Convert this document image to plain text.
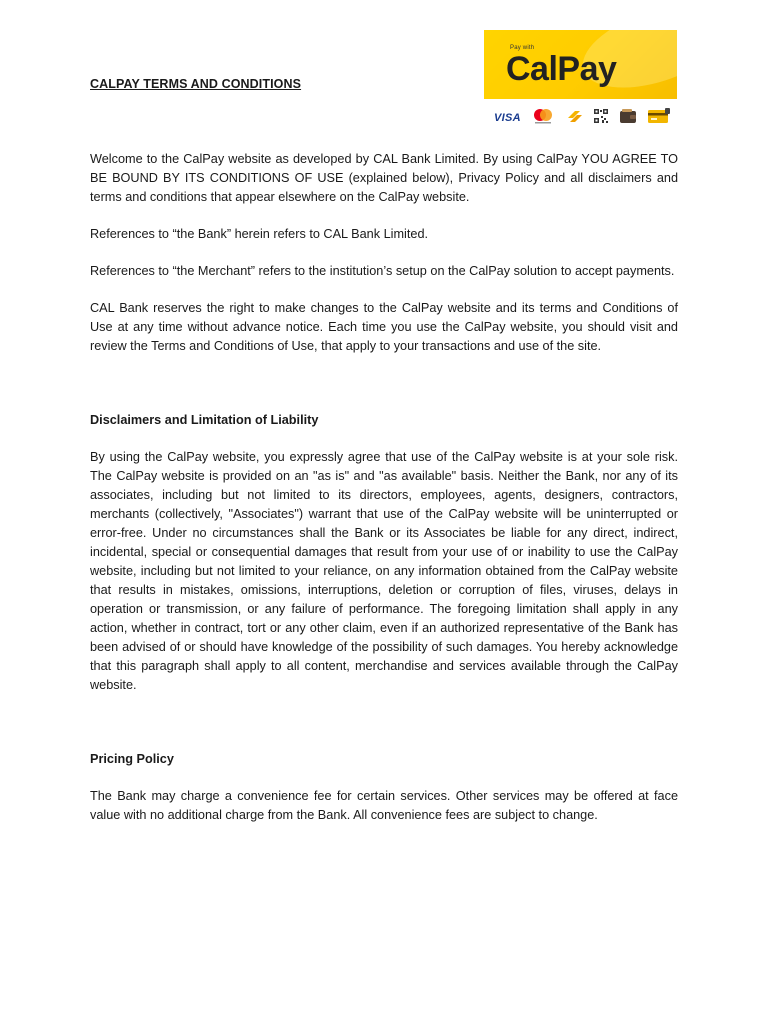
CALPAY TERMS AND CONDITIONS
Pay with
CalPay
VISA

Welcome to the CalPay website as developed by CAL Bank Limited. By using CalPay YOU AGREE TO BE BOUND BY ITS CONDITIONS OF USE (explained below), Privacy Policy and all disclaimers and terms and conditions that appear elsewhere on the CalPay website.

References to “the Bank” herein refers to CAL Bank Limited.

References to “the Merchant” refers to the institution’s setup on the CalPay solution to accept payments.

CAL Bank reserves the right to make changes to the CalPay website and its terms and Conditions of Use at any time without advance notice. Each time you use the CalPay website, you should visit and review the Terms and Conditions of Use, that apply to your transactions and use of the site.

Disclaimers and Limitation of Liability

By using the CalPay website, you expressly agree that use of the CalPay website is at your sole risk. The CalPay website is provided on an "as is" and "as available" basis. Neither the Bank, nor any of its associates, including but not limited to its directors, employees, agents, designers, contractors, merchants (collectively, "Associates") warrant that use of the CalPay website will be uninterrupted or error-free. Under no circumstances shall the Bank or its Associates be liable for any direct, indirect, incidental, special or consequential damages that result from your use of or inability to use the CalPay website, including but not limited to your reliance, on any information obtained from the CalPay website that results in mistakes, omissions, interruptions, deletion or corruption of files, viruses, delays in operation or transmission, or any failure of performance. The foregoing limitation shall apply in any action, whether in contract, tort or any other claim, even if an authorized representative of the Bank has been advised of or should have knowledge of the possibility of such damages. You hereby acknowledge that this paragraph shall apply to all content, merchandise and services available through the CalPay website.

Pricing Policy

The Bank may charge a convenience fee for certain services. Other services may be offered at face value with no additional charge from the Bank. All convenience fees are subject to change.
